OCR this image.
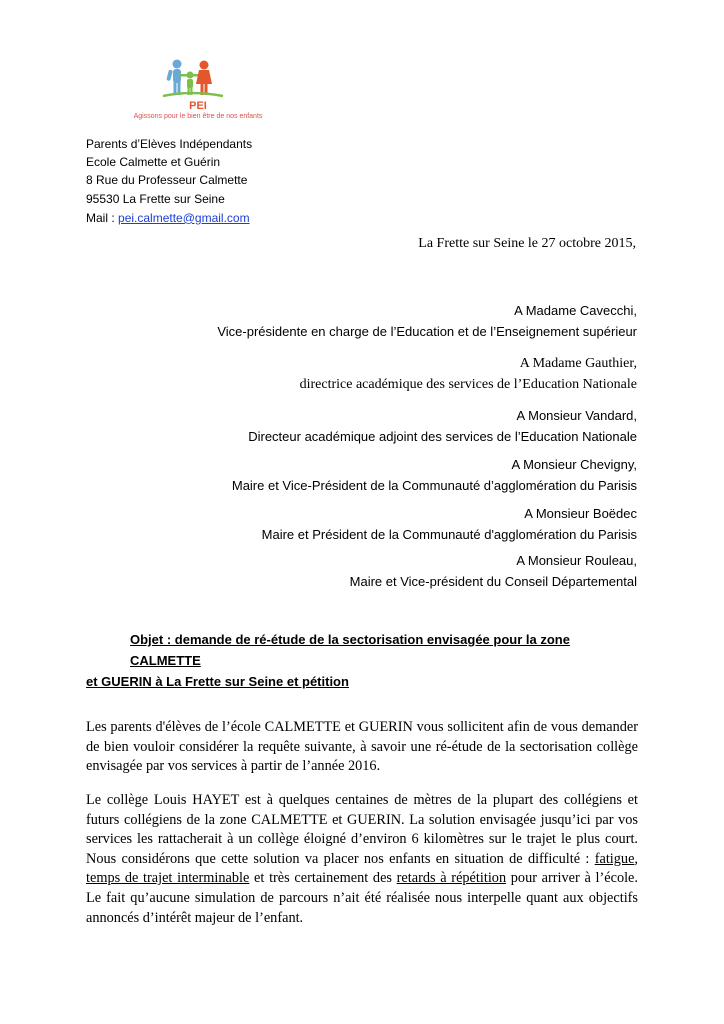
PEI
Agissons pour le bien être de nos enfants
Parents d’Elèves Indépendants
Ecole Calmette et Guérin
8 Rue du Professeur Calmette
95530 La Frette sur Seine
Mail : pei.calmette@gmail.com
La Frette sur Seine le 27 octobre 2015,
A Madame Cavecchi,
Vice-présidente en charge de l’Education et de l’Enseignement supérieur
A Madame Gauthier,
directrice académique des services de l’Education Nationale
A Monsieur Vandard,
Directeur académique adjoint des services de l’Education Nationale
A Monsieur Chevigny,
Maire et Vice-Président de la Communauté d’agglomération du Parisis
A Monsieur Boëdec
Maire et Président de la Communauté d'agglomération du Parisis
A Monsieur Rouleau,
Maire et Vice-président du Conseil Départemental
Objet : demande de ré-étude de la sectorisation envisagée pour la zone CALMETTE
et GUERIN à La Frette sur Seine et pétition
Les parents d'élèves de l’école CALMETTE et GUERIN vous sollicitent afin de vous demander de bien vouloir considérer la requête suivante, à savoir une ré-étude de la sectorisation collège envisagée par vos services à partir de l’année 2016.
Le collège Louis HAYET est à quelques centaines de mètres de la plupart des collégiens et futurs collégiens de la zone CALMETTE et GUERIN. La solution envisagée jusqu’ici par vos services les rattacherait à un collège éloigné d’environ 6 kilomètres sur le trajet le plus court. Nous considérons que cette solution va placer nos enfants en situation de difficulté : fatigue, temps de trajet interminable et très certainement des retards à répétition pour arriver à l’école. Le fait qu’aucune simulation de parcours n’ait été réalisée nous interpelle quant aux objectifs annoncés d’intérêt majeur de l’enfant.
